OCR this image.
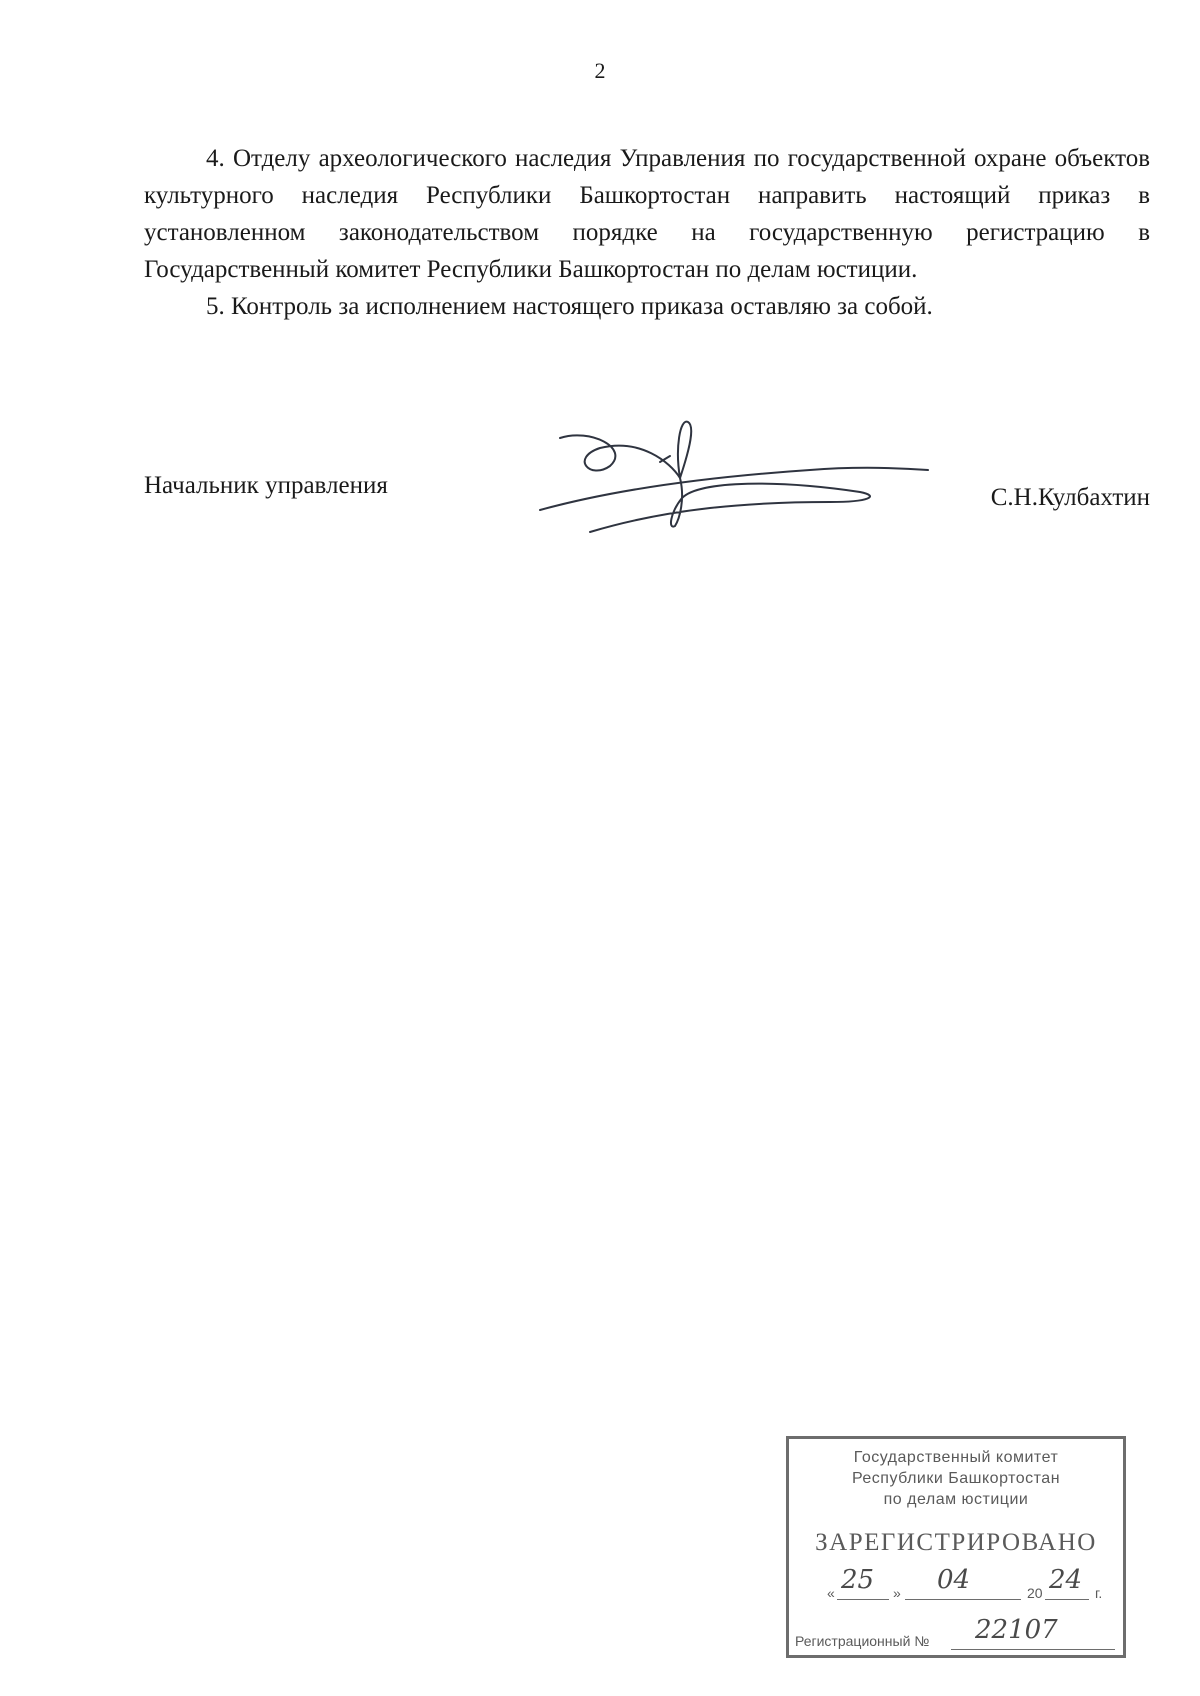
2

4. Отделу археологического наследия Управления по государственной охране объектов культурного наследия Республики Башкортостан направить настоящий приказ в установленном законодательством порядке на государственную регистрацию в Государственный комитет Республики Башкортостан по делам юстиции.

5. Контроль за исполнением настоящего приказа оставляю за собой.

Начальник управления	С.Н.Кулбахтин
Государственный комитет
Республики Башкортостан
по делам юстиции
ЗАРЕГИСТРИРОВАНО
« 25 » 04	20 24 г.
Регистрационный № 22107
